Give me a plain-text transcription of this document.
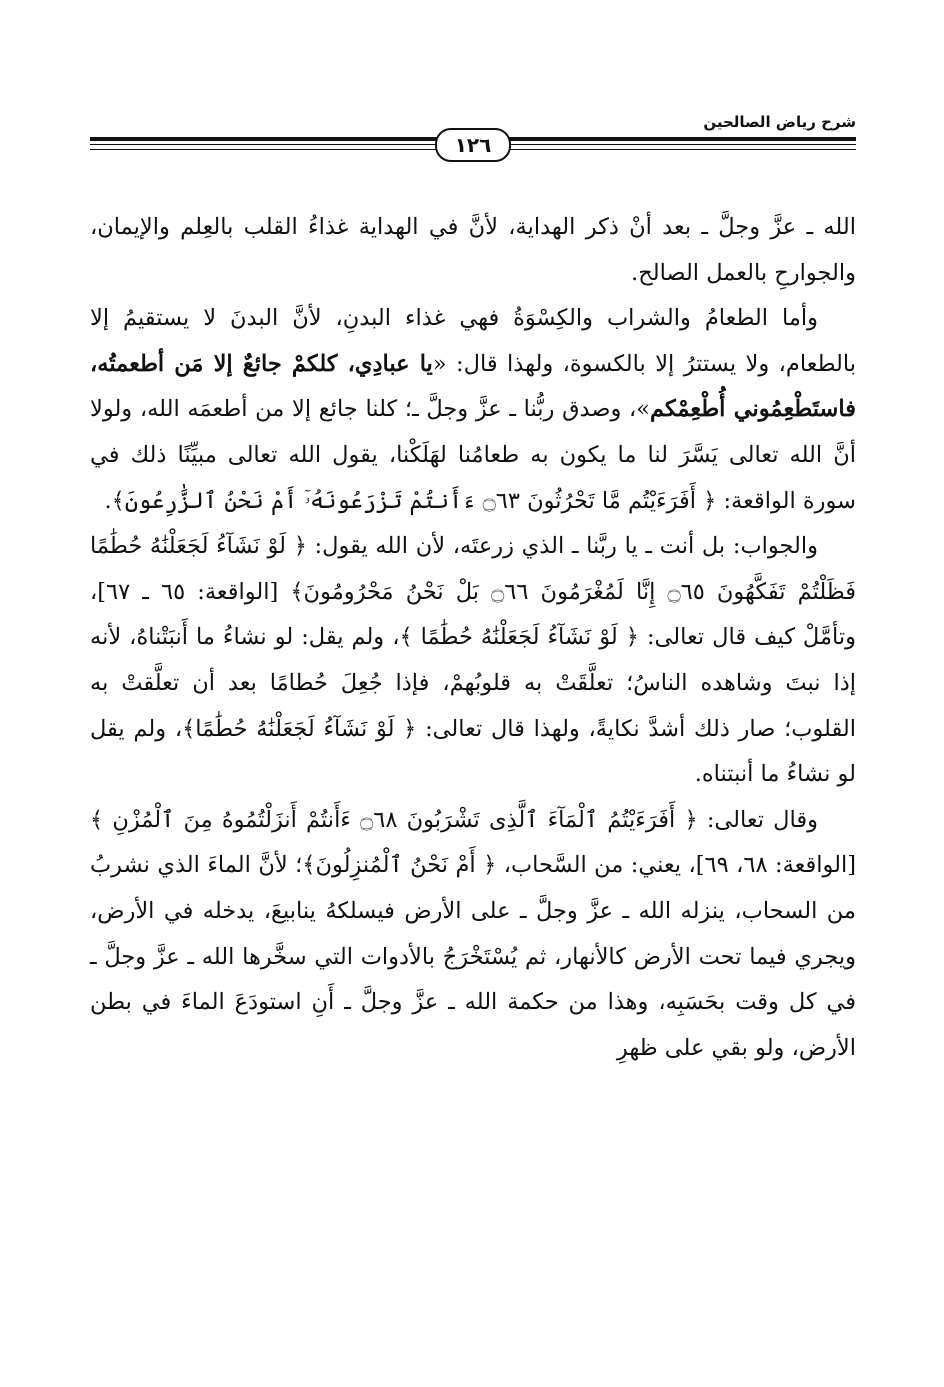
شرح رياض الصالحين
١٢٦

الله ـ عزَّ وجلَّ ـ بعد أنْ ذكر الهداية، لأنَّ في الهداية غذاءُ القلب بالعِلم والإيمان، والجوارحِ بالعمل الصالح.

وأما الطعامُ والشراب والكِسْوَةُ فهي غذاء البدنِ، لأنَّ البدنَ لا يستقيمُ إلا بالطعام، ولا يستترُ إلا بالكسوة، ولهذا قال: «يا عبادِي، كلكمْ جائعٌ إلا مَن أطعمتُه، فاستَطْعِمُوني أُطْعِمْكم»، وصدق ربُّنا ـ عزَّ وجلَّ ـ؛ كلنا جائع إلا من أطعمَه الله، ولولا أنَّ الله تعالى يَسَّرَ لنا ما يكون به طعامُنا لهَلَكْنا، يقول الله تعالى مبيِّنًا ذلك في سورة الواقعة: ﴿ أَفَرَءَيْتُم مَّا تَحْرُثُونَ ۝٦٣ ءَأَنتُمْ تَزْرَعُونَهُۥٓ أَمْ نَحْنُ ٱلزَّٰرِعُونَ﴾.

والجواب: بل أنت ـ يا ربَّنا ـ الذي زرعتَه، لأن الله يقول: ﴿ لَوْ نَشَآءُ لَجَعَلْنَٰهُ حُطَٰمًا فَظَلْتُمْ تَفَكَّهُونَ ۝٦٥ إِنَّا لَمُغْرَمُونَ ۝٦٦ بَلْ نَحْنُ مَحْرُومُونَ﴾ [الواقعة: ٦٥ ـ ٦٧]، وتأمَّلْ كيف قال تعالى: ﴿ لَوْ نَشَآءُ لَجَعَلْنَٰهُ حُطَٰمًا ﴾، ولم يقل: لو نشاءُ ما أَنبَتْناهُ، لأنه إذا نبتَ وشاهده الناسُ؛ تعلَّقَتْ به قلوبُهمْ، فإذا جُعِلَ حُطامًا بعد أن تعلَّقتْ به القلوب؛ صار ذلك أشدَّ نكايةً، ولهذا قال تعالى: ﴿ لَوْ نَشَآءُ لَجَعَلْنَٰهُ حُطَٰمًا﴾، ولم يقل لو نشاءُ ما أنبتناه.

وقال تعالى: ﴿ أَفَرَءَيْتُمُ ٱلْمَآءَ ٱلَّذِى تَشْرَبُونَ ۝٦٨ ءَأَنتُمْ أَنزَلْتُمُوهُ مِنَ ٱلْمُزْنِ ﴾ [الواقعة: ٦٨، ٦٩]، يعني: من السَّحاب، ﴿ أَمْ نَحْنُ ٱلْمُنزِلُونَ﴾؛ لأنَّ الماءَ الذي نشربُ من السحاب، ينزله الله ـ عزَّ وجلَّ ـ على الأرض فيسلكهُ ينابيعَ، يدخله في الأرض، ويجري فيما تحت الأرض كالأنهار، ثم يُسْتَخْرَجُ بالأدوات التي سخَّرها الله ـ عزَّ وجلَّ ـ في كل وقت بحَسَبِه، وهذا من حكمة الله ـ عزَّ وجلَّ ـ أَنِ استودَعَ الماءَ في بطن الأرض، ولو بقي على ظهرِ
